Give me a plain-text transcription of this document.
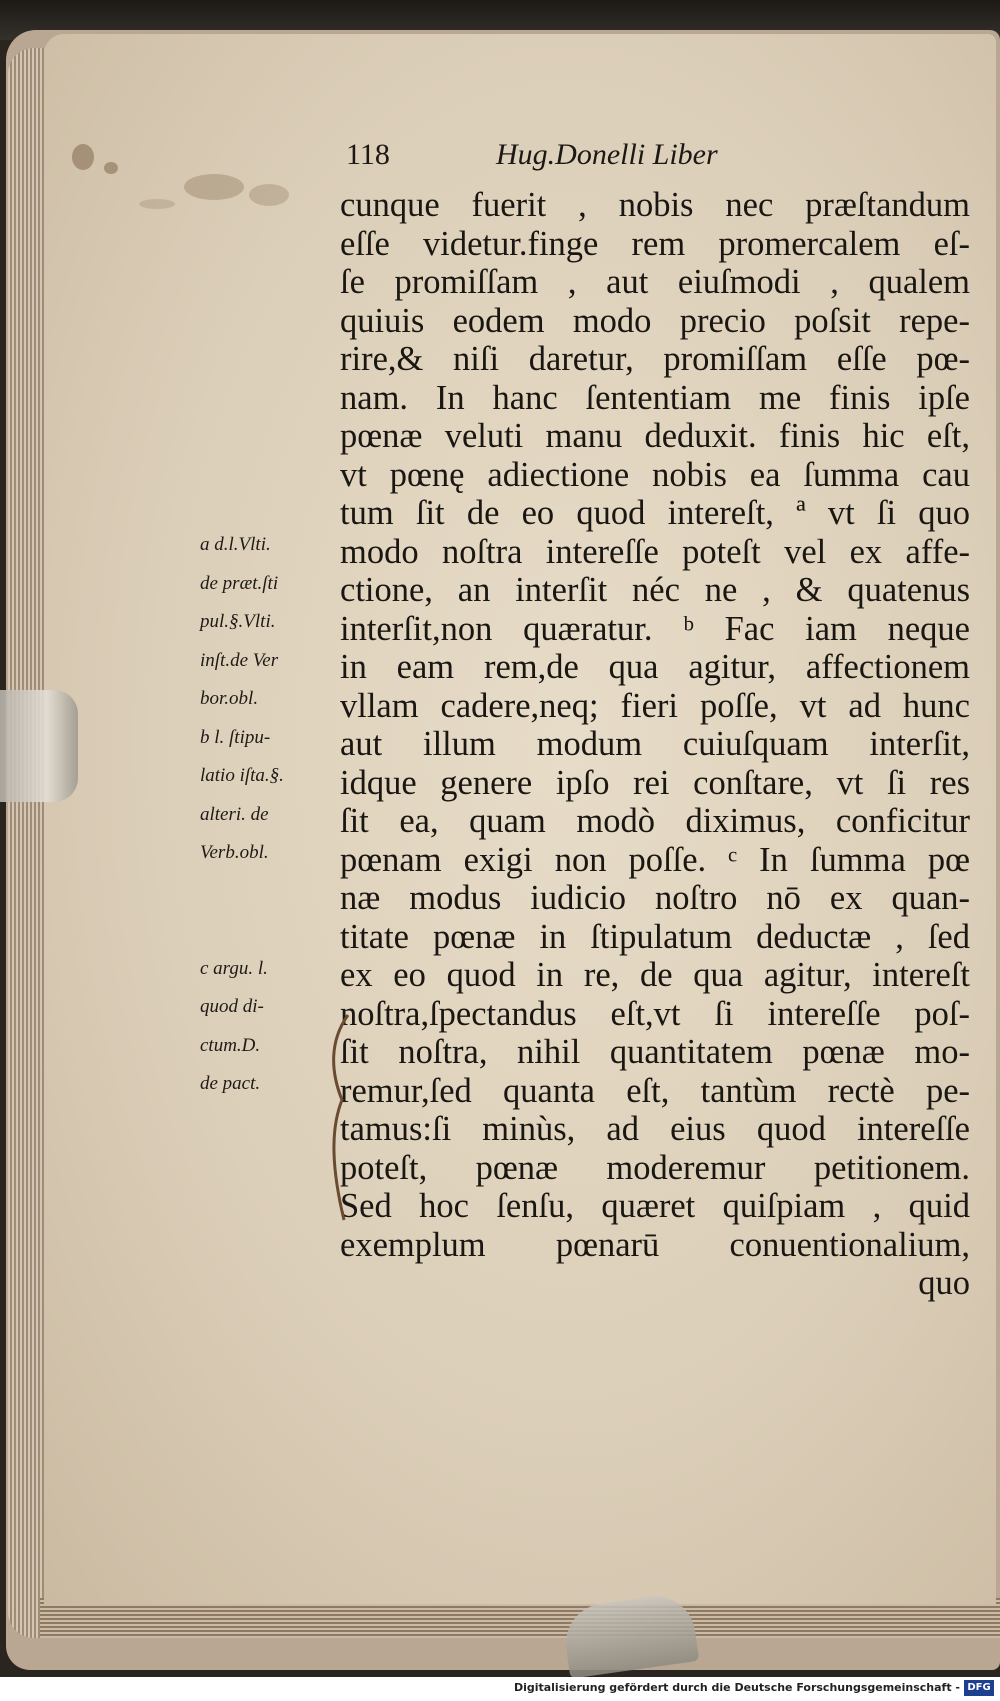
118	Hug.Donelli Liber
cunque fuerit , nobis nec præſtandum
eſſe videtur.finge rem promercalem eſ-
ſe promiſſam , aut eiuſmodi , qualem
quiuis eodem modo precio poſsit repe-
rire,& niſi daretur, promiſſam eſſe pœ-
nam. In hanc ſententiam me finis ipſe
pœnæ veluti manu deduxit. finis hic eſt,
vt pœnę adiectione nobis ea ſumma cau
tum ſit de eo quod intereſt, ª vt ſi quo
modo noſtra intereſſe poteſt vel ex affe-
ctione, an interſit néc ne , & quatenus
interſit,non quæratur. ᵇ Fac iam neque
in eam rem,de qua agitur, affectionem
vllam cadere,neq; fieri poſſe, vt ad hunc
aut illum modum cuiuſquam interſit,
idque genere ipſo rei conſtare, vt ſi res
ſit ea, quam modò diximus, conficitur
pœnam exigi non poſſe. ᶜ In ſumma pœ
næ modus iudicio noſtro nō ex quan-
titate pœnæ in ſtipulatum deductæ , ſed
ex eo quod in re, de qua agitur, intereſt
noſtra,ſpectandus eſt,vt ſi intereſſe poſ-
ſit noſtra, nihil quantitatem pœnæ mo-
remur,ſed quanta eſt, tantùm rectè pe-
tamus:ſi minùs, ad eius quod intereſſe
poteſt, pœnæ moderemur petitionem.
Sed hoc ſenſu, quæret quiſpiam , quid
exemplum pœnarū conuentionalium,
quo
a d.l.Vlti.
de præt.ſti
pul.§.Vlti.
inſt.de Ver
bor.obl.
b l. ſtipu-
latio iſta.§.
alteri. de
Verb.obl.
c argu. l.
quod di-
ctum.D.
de pact.
Digitalisierung gefördert durch die Deutsche Forschungsgemeinschaft - DFG
